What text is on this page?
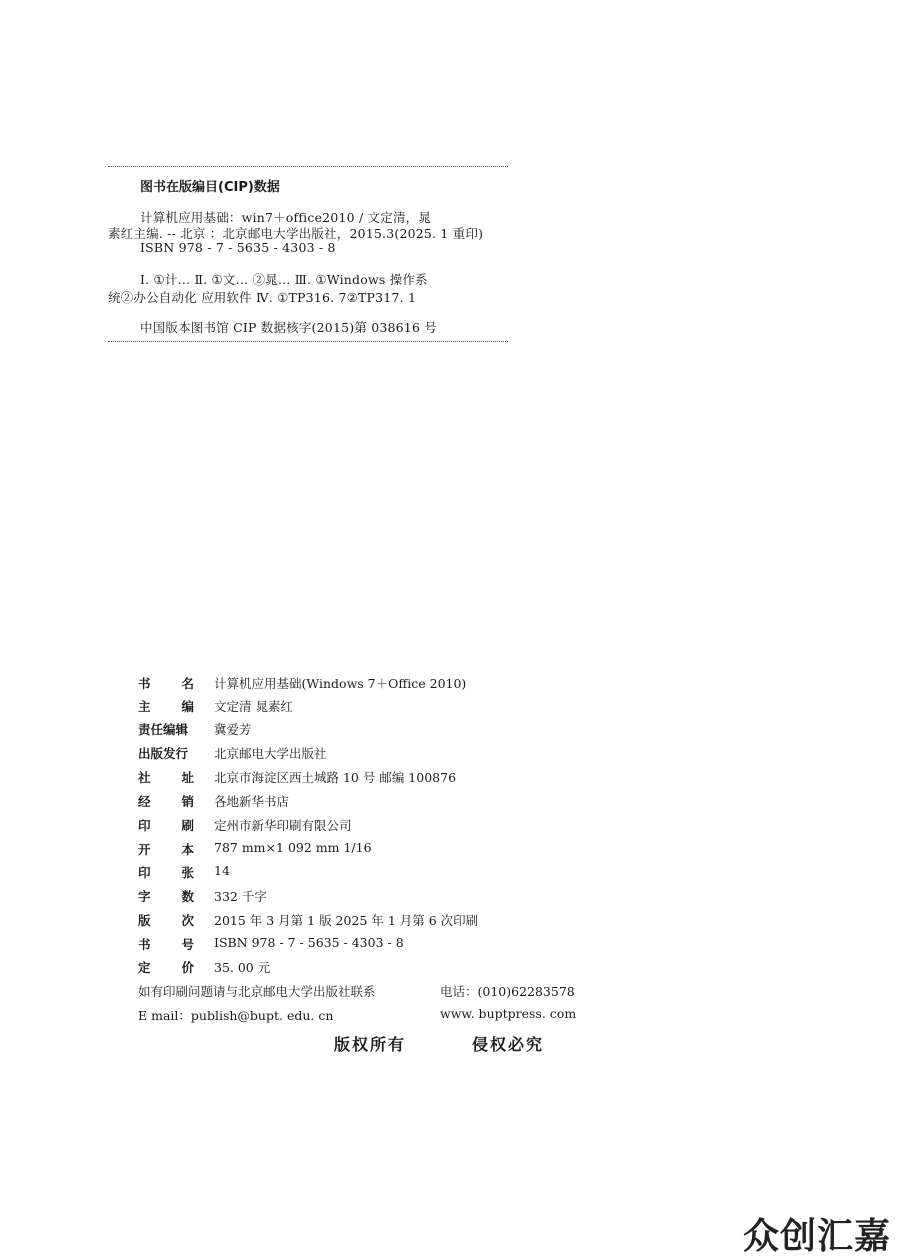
图书在版编目(CIP)数据
计算机应用基础：win7＋office2010 / 文定清，晁
素红主编. -- 北京 ：北京邮电大学出版社，2015.3(2025. 1 重印)
ISBN 978 - 7 - 5635 - 4303 - 8
Ⅰ. ①计… Ⅱ. ①文… ②晁… Ⅲ. ①Windows 操作系
统②办公自动化 应用软件 Ⅳ. ①TP316. 7②TP317. 1
中国版本图书馆 CIP 数据核字(2015)第 038616 号
书 名 计算机应用基础(Windows 7＋Office 2010)
主 编 文定清 晁素红
责任编辑	冀爱芳
出版发行	北京邮电大学出版社
社 址 北京市海淀区西土城路 10 号 邮编 100876
经 销 各地新华书店
印 刷 定州市新华印刷有限公司
开 本 787 mm×1 092 mm 1/16
印 张 14
字 数 332 千字
版 次 2015 年 3 月第 1 版 2025 年 1 月第 6 次印刷
书 号 ISBN 978 - 7 - 5635 - 4303 - 8
定 价 35. 00 元
如有印刷问题请与北京邮电大学出版社联系	电话：(010)62283578
E mail：publish@bupt. edu. cn	www. buptpress. com
版权所有	侵权必究
众创汇嘉
